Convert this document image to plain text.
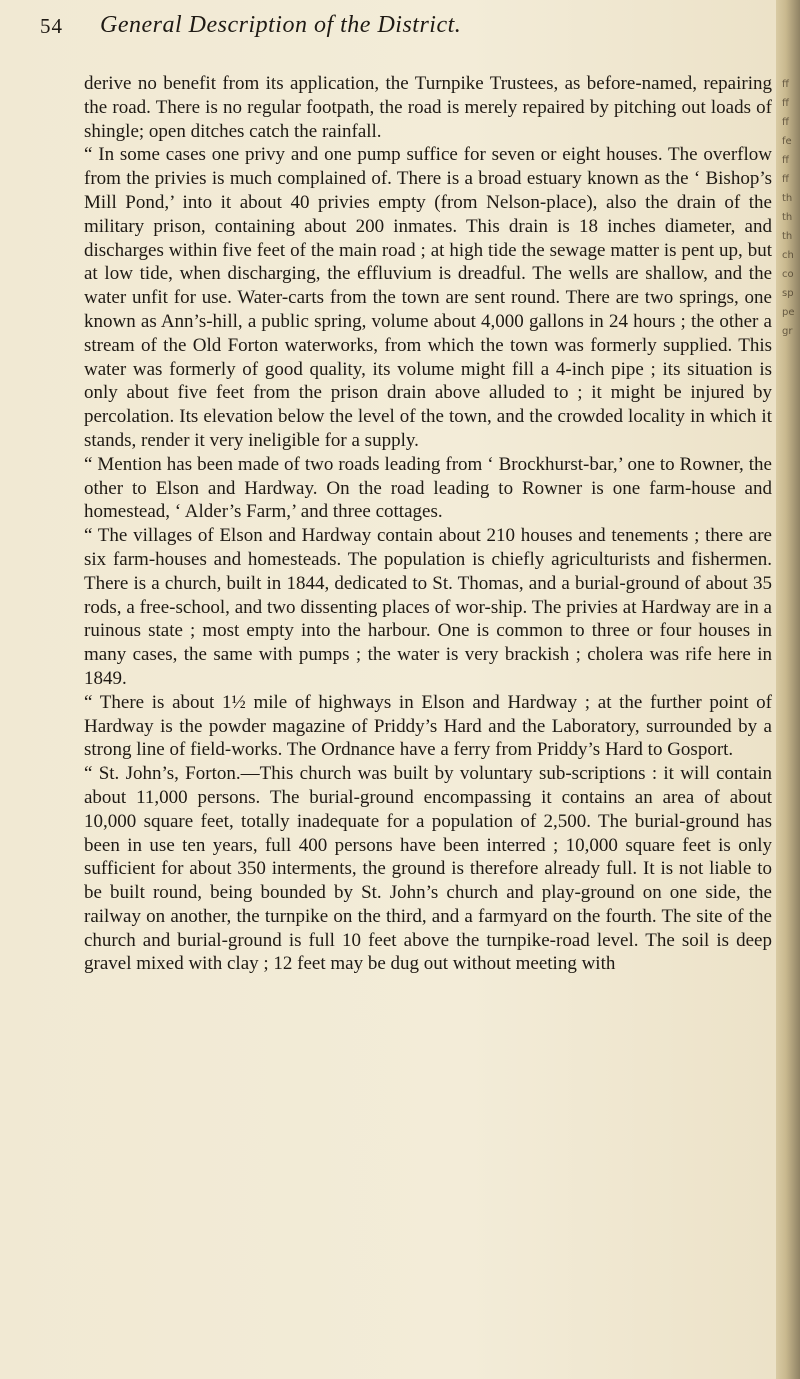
54 General Description of the District.

derive no benefit from its application, the Turnpike Trustees, as before-named, repairing the road. There is no regular footpath, the road is merely repaired by pitching out loads of shingle; open ditches catch the rainfall.

“ In some cases one privy and one pump suffice for seven or eight houses. The overflow from the privies is much complained of. There is a broad estuary known as the ‘ Bishop’s Mill Pond,’ into it about 40 privies empty (from Nelson-place), also the drain of the military prison, containing about 200 inmates. This drain is 18 inches diameter, and discharges within five feet of the main road ; at high tide the sewage matter is pent up, but at low tide, when discharging, the effluvium is dreadful. The wells are shallow, and the water unfit for use. Water-carts from the town are sent round. There are two springs, one known as Ann’s-hill, a public spring, volume about 4,000 gallons in 24 hours ; the other a stream of the Old Forton waterworks, from which the town was formerly supplied. This water was formerly of good quality, its volume might fill a 4-inch pipe ; its situation is only about five feet from the prison drain above alluded to ; it might be injured by percolation. Its elevation below the level of the town, and the crowded locality in which it stands, render it very ineligible for a supply.

“ Mention has been made of two roads leading from ‘ Brockhurst-bar,’ one to Rowner, the other to Elson and Hardway. On the road leading to Rowner is one farm-house and homestead, ‘ Alder’s Farm,’ and three cottages.

“ The villages of Elson and Hardway contain about 210 houses and tenements ; there are six farm-houses and homesteads. The population is chiefly agriculturists and fishermen. There is a church, built in 1844, dedicated to St. Thomas, and a burial-ground of about 35 rods, a free-school, and two dissenting places of wor-ship. The privies at Hardway are in a ruinous state ; most empty into the harbour. One is common to three or four houses in many cases, the same with pumps ; the water is very brackish ; cholera was rife here in 1849.

“ There is about 1½ mile of highways in Elson and Hardway ; at the further point of Hardway is the powder magazine of Priddy’s Hard and the Laboratory, surrounded by a strong line of field-works. The Ordnance have a ferry from Priddy’s Hard to Gosport.

“ St. John’s, Forton.—This church was built by voluntary sub-scriptions : it will contain about 11,000 persons. The burial-ground encompassing it contains an area of about 10,000 square feet, totally inadequate for a population of 2,500. The burial-ground has been in use ten years, full 400 persons have been interred ; 10,000 square feet is only sufficient for about 350 interments, the ground is therefore already full. It is not liable to be built round, being bounded by St. John’s church and play-ground on one side, the railway on another, the turnpike on the third, and a farmyard on the fourth. The site of the church and burial-ground is full 10 feet above the turnpike-road level. The soil is deep gravel mixed with clay ; 12 feet may be dug out without meeting with

ff
ff
ff
fe
ff
ff
th
th
th
ch
co
sp
pe
gr
